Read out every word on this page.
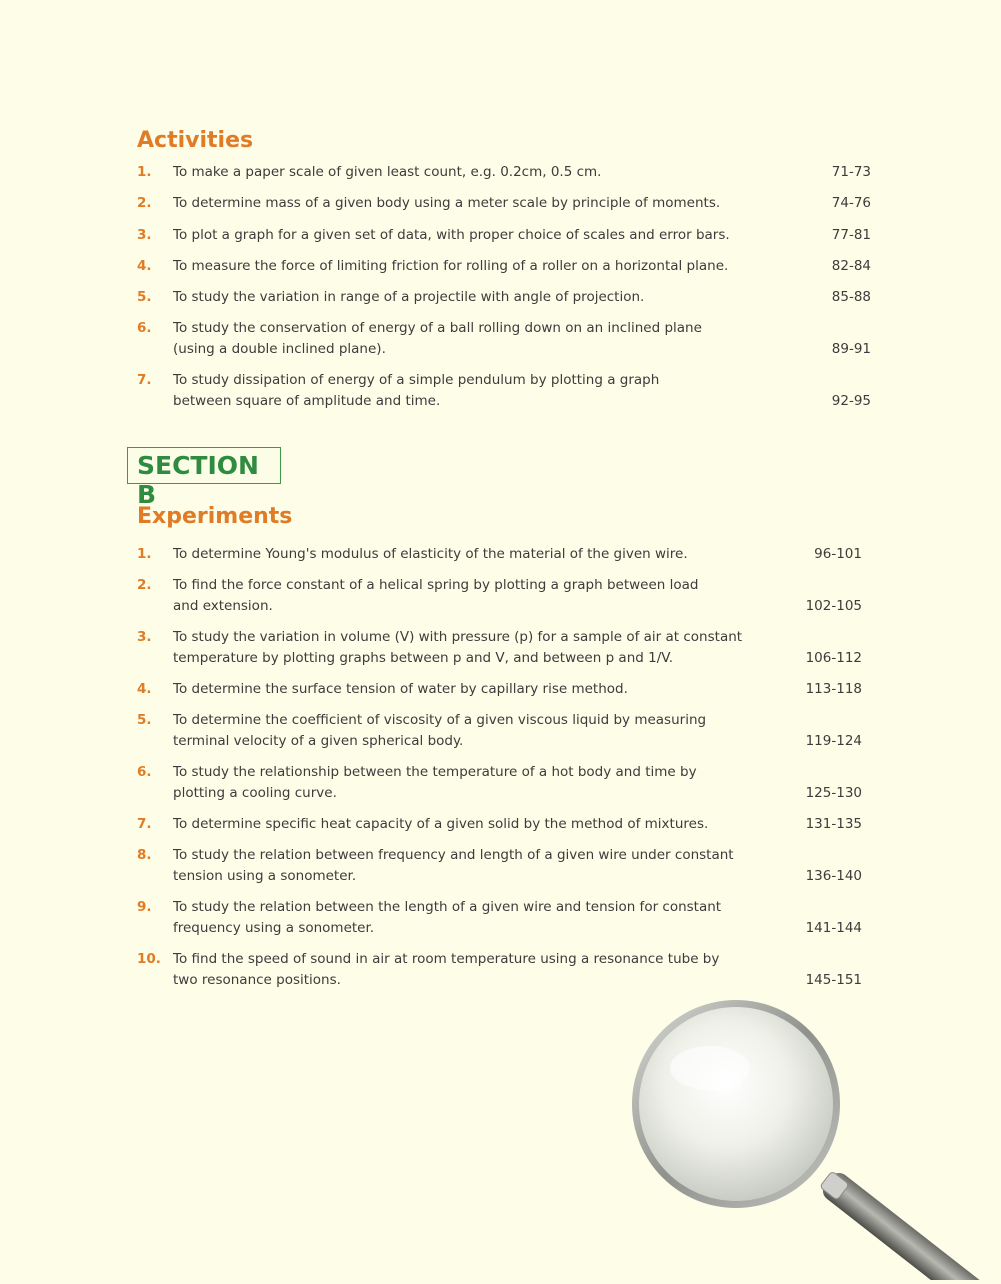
Activities
1. To make a paper scale of given least count, e.g. 0.2cm, 0.5 cm.	71-73
2. To determine mass of a given body using a meter scale by principle of moments.	74-76
3. To plot a graph for a given set of data, with proper choice of scales and error bars.	77-81
4. To measure the force of limiting friction for rolling of a roller on a horizontal plane.	82-84
5. To study the variation in range of a projectile with angle of projection.	85-88
6. To study the conservation of energy of a ball rolling down on an inclined plane
(using a double inclined plane).	89-91
7. To study dissipation of energy of a simple pendulum by plotting a graph
between square of amplitude and time.	92-95
SECTION B
Experiments
1. To determine Young's modulus of elasticity of the material of the given wire.	96-101
2. To find the force constant of a helical spring by plotting a graph between load
and extension.	102-105
3. To study the variation in volume (V) with pressure (p) for a sample of air at constant
temperature by plotting graphs between p and V, and between p and 1/V.	106-112
4. To determine the surface tension of water by capillary rise method.	113-118
5. To determine the coefficient of viscosity of a given viscous liquid by measuring
terminal velocity of a given spherical body.	119-124
6. To study the relationship between the temperature of a hot body and time by
plotting a cooling curve.	125-130
7. To determine specific heat capacity of a given solid by the method of mixtures.	131-135
8. To study the relation between frequency and length of a given wire under constant
tension using a sonometer.	136-140
9. To study the relation between the length of a given wire and tension for constant
frequency using a sonometer.	141-144
10. To find the speed of sound in air at room temperature using a resonance tube by
two resonance positions.	145-151
